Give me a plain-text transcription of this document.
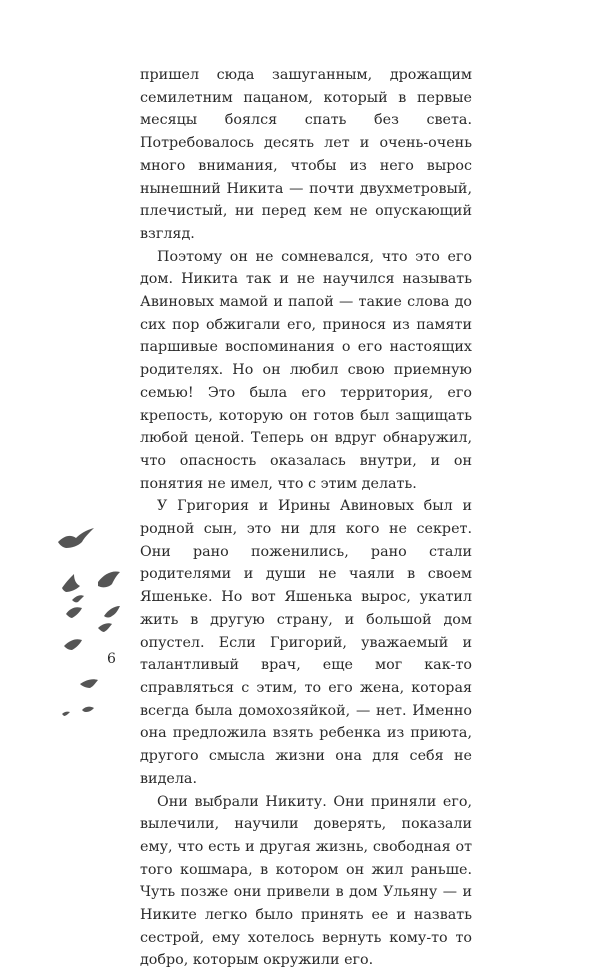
пришел сюда зашуганным, дрожащим семилетним пацаном, который в первые месяцы боялся спать без света. Потребовалось десять лет и очень-очень много внимания, чтобы из него вырос нынешний Никита — почти двухметровый, плечистый, ни перед кем не опускающий взгляд.

Поэтому он не сомневался, что это его дом. Никита так и не научился называть Авиновых мамой и папой — такие слова до сих пор обжигали его, принося из памяти паршивые воспоминания о его настоящих родителях. Но он любил свою приемную семью! Это была его территория, его крепость, которую он готов был защищать любой ценой. Теперь он вдруг обнаружил, что опасность оказалась внутри, и он понятия не имел, что с этим делать.

У Григория и Ирины Авиновых был и родной сын, это ни для кого не секрет. Они рано поженились, рано стали родителями и души не чаяли в своем Яшеньке. Но вот Яшенька вырос, укатил жить в другую страну, и большой дом опустел. Если Григорий, уважаемый и талантливый врач, еще мог как-то справляться с этим, то его жена, которая всегда была домохозяйкой, — нет. Именно она предложила взять ребенка из приюта, другого смысла жизни она для себя не видела.

Они выбрали Никиту. Они приняли его, вылечили, научили доверять, показали ему, что есть и другая жизнь, свободная от того кошмара, в котором он жил раньше. Чуть позже они привели в дом Ульяну — и Никите легко было принять ее и назвать сестрой, ему хотелось вернуть кому-то то добро, которым окружили его.

6
